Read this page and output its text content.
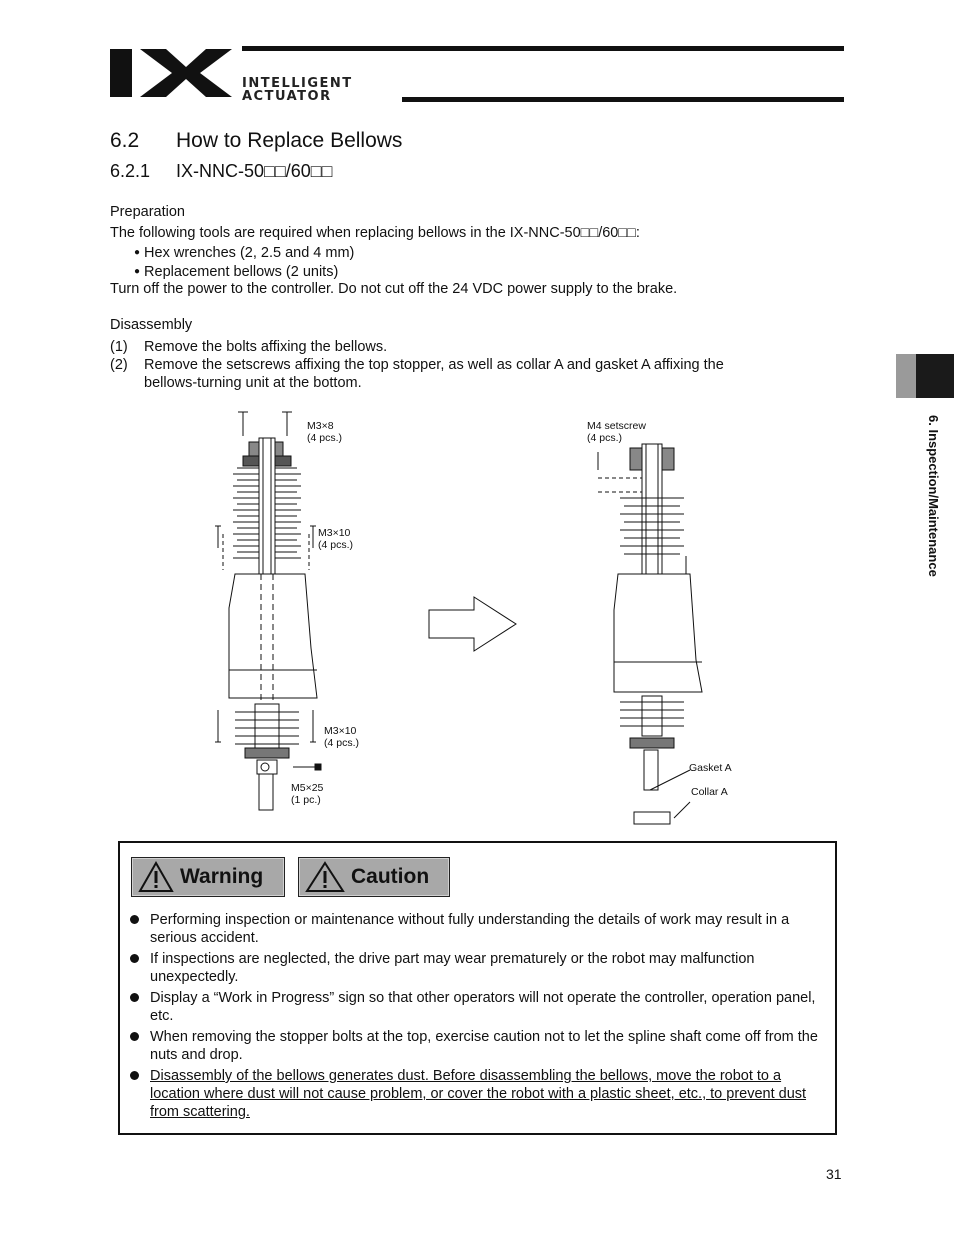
INTELLIGENT
ACTUATOR
6. Inspection/Maintenance
6.2 How to Replace Bellows
6.2.1 IX-NNC-50□□/60□□
Preparation
The following tools are required when replacing bellows in the IX-NNC-50□□/60□□:
● Hex wrenches (2, 2.5 and 4 mm)
● Replacement bellows (2 units)
Turn off the power to the controller. Do not cut off the 24 VDC power supply to the brake.
Disassembly
(1) Remove the bolts affixing the bellows.
(2) Remove the setscrews affixing the top stopper, as well as collar A and gasket A affixing the
bellows-turning unit at the bottom.
M3×8
(4 pcs.)
M3×10
(4 pcs.)
M3×10
(4 pcs.)
M5×25
(1 pc.)
M4 setscrew
(4 pcs.)
Gasket A
Collar A
Warning	Caution
Performing inspection or maintenance without fully understanding the details of work may result in a serious accident.
If inspections are neglected, the drive part may wear prematurely or the robot may malfunction unexpectedly.
Display a “Work in Progress” sign so that other operators will not operate the controller, operation panel, etc.
When removing the stopper bolts at the top, exercise caution not to let the spline shaft come off from the nuts and drop.
Disassembly of the bellows generates dust. Before disassembling the bellows, move the robot to a location where dust will not cause problem, or cover the robot with a plastic sheet, etc., to prevent dust from scattering.
31
